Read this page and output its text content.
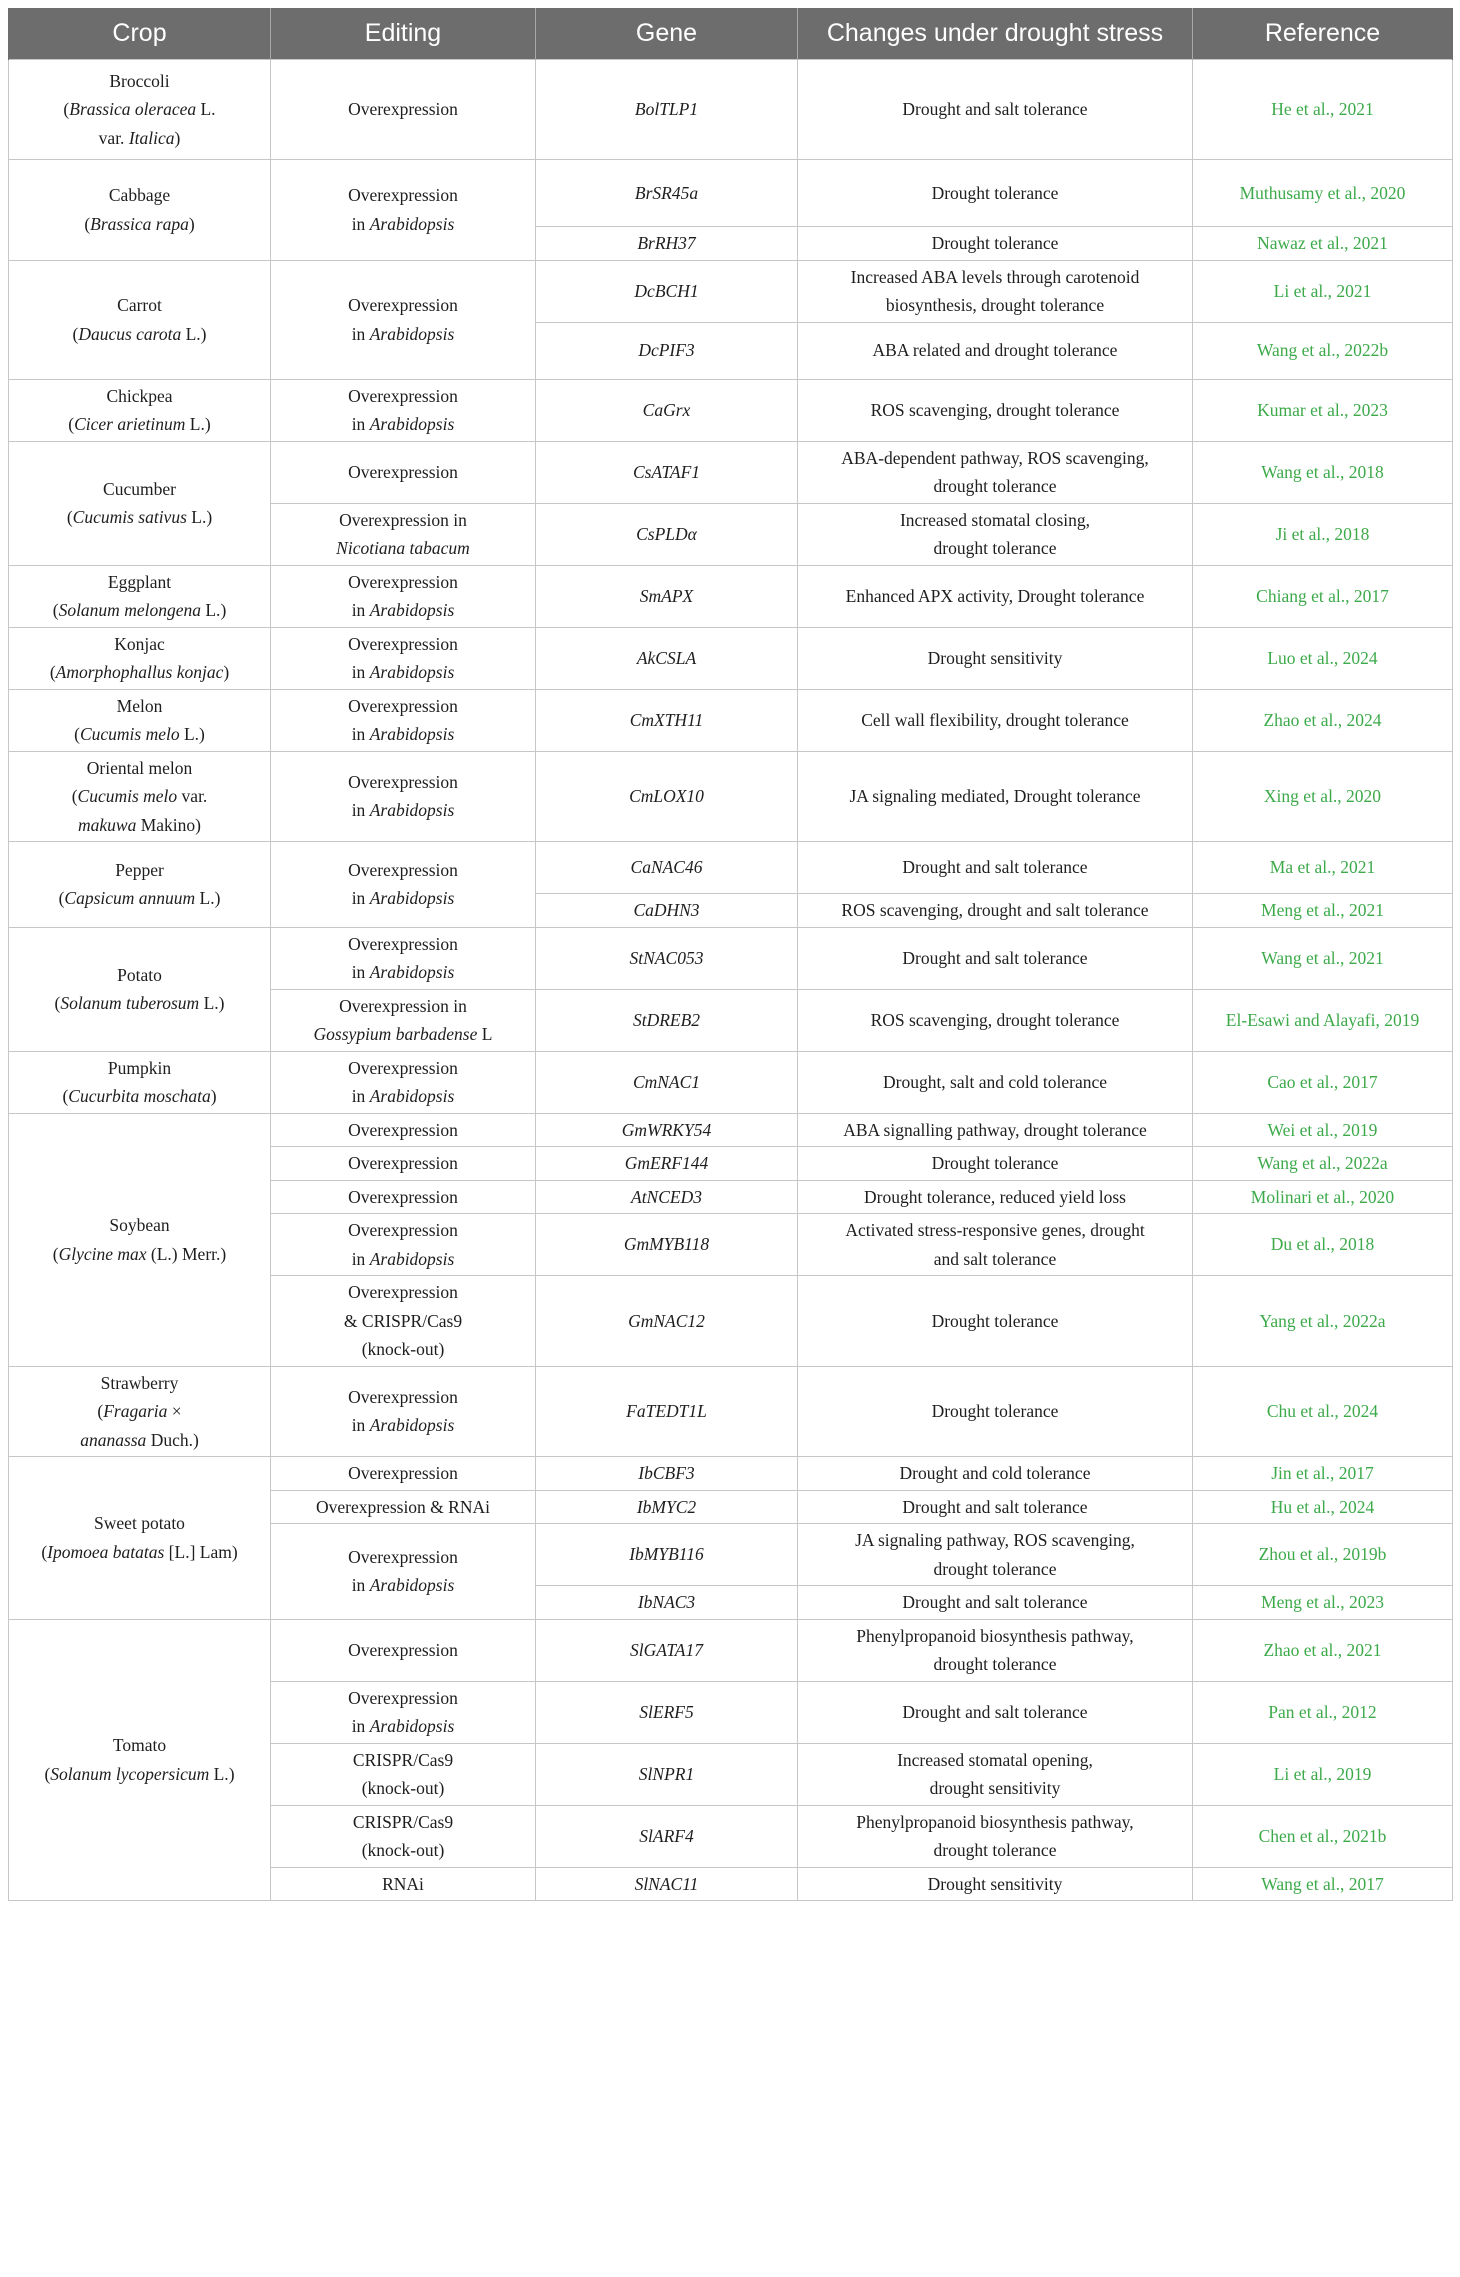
Crop	Editing	Gene	Changes under drought stress	Reference

Broccoli
(Brassica oleracea L.
var. Italica)	Overexpression	BolTLP1	Drought and salt tolerance	He et al., 2021

Cabbage
(Brassica rapa)	Overexpression
in Arabidopsis	BrSR45a	Drought tolerance	Muthusamy et al., 2020
		BrRH37	Drought tolerance	Nawaz et al., 2021

Carrot
(Daucus carota L.)	Overexpression
in Arabidopsis	DcBCH1	Increased ABA levels through carotenoid
biosynthesis, drought tolerance	Li et al., 2021
		DcPIF3	ABA related and drought tolerance	Wang et al., 2022b

Chickpea
(Cicer arietinum L.)	Overexpression
in Arabidopsis	CaGrx	ROS scavenging, drought tolerance	Kumar et al., 2023

Cucumber
(Cucumis sativus L.)	Overexpression	CsATAF1	ABA-dependent pathway, ROS scavenging,
drought tolerance	Wang et al., 2018

	Overexpression in
Nicotiana tabacum	CsPLDα	Increased stomatal closing,
drought tolerance	Ji et al., 2018

Eggplant
(Solanum melongena L.)	Overexpression
in Arabidopsis	SmAPX	Enhanced APX activity, Drought tolerance	Chiang et al., 2017

Konjac
(Amorphophallus konjac)	Overexpression
in Arabidopsis	AkCSLA	Drought sensitivity	Luo et al., 2024

Melon
(Cucumis melo L.)	Overexpression
in Arabidopsis	CmXTH11	Cell wall flexibility, drought tolerance	Zhao et al., 2024

Oriental melon
(Cucumis melo var.
makuwa Makino)	Overexpression
in Arabidopsis	CmLOX10	JA signaling mediated, Drought tolerance	Xing et al., 2020

Pepper
(Capsicum annuum L.)	Overexpression
in Arabidopsis	CaNAC46	Drought and salt tolerance	Ma et al., 2021
		CaDHN3	ROS scavenging, drought and salt tolerance	Meng et al., 2021

Potato
(Solanum tuberosum L.)	Overexpression
in Arabidopsis	StNAC053	Drought and salt tolerance	Wang et al., 2021

	Overexpression in
Gossypium barbadense L	StDREB2	ROS scavenging, drought tolerance	El-Esawi and Alayafi, 2019

Pumpkin
(Cucurbita moschata)	Overexpression
in Arabidopsis	CmNAC1	Drought, salt and cold tolerance	Cao et al., 2017

Soybean
(Glycine max (L.) Merr.)	Overexpression	GmWRKY54	ABA signalling pathway, drought tolerance	Wei et al., 2019

	Overexpression	GmERF144	Drought tolerance	Wang et al., 2022a

	Overexpression	AtNCED3	Drought tolerance, reduced yield loss	Molinari et al., 2020

	Overexpression
in Arabidopsis	GmMYB118	Activated stress-responsive genes, drought
and salt tolerance	Du et al., 2018

	Overexpression
& CRISPR/Cas9
(knock-out)	GmNAC12	Drought tolerance	Yang et al., 2022a

Strawberry
(Fragaria ×
ananassa Duch.)	Overexpression
in Arabidopsis	FaTEDT1L	Drought tolerance	Chu et al., 2024

Sweet potato
(Ipomoea batatas [L.] Lam)	Overexpression	IbCBF3	Drought and cold tolerance	Jin et al., 2017

	Overexpression & RNAi	IbMYC2	Drought and salt tolerance	Hu et al., 2024

	Overexpression
in Arabidopsis	IbMYB116	JA signaling pathway, ROS scavenging,
drought tolerance	Zhou et al., 2019b
		IbNAC3	Drought and salt tolerance	Meng et al., 2023

Tomato
(Solanum lycopersicum L.)	Overexpression	SlGATA17	Phenylpropanoid biosynthesis pathway,
drought tolerance	Zhao et al., 2021

	Overexpression
in Arabidopsis	SlERF5	Drought and salt tolerance	Pan et al., 2012

	CRISPR/Cas9
(knock-out)	SlNPR1	Increased stomatal opening,
drought sensitivity	Li et al., 2019

	CRISPR/Cas9
(knock-out)	SlARF4	Phenylpropanoid biosynthesis pathway,
drought tolerance	Chen et al., 2021b

	RNAi	SlNAC11	Drought sensitivity	Wang et al., 2017
